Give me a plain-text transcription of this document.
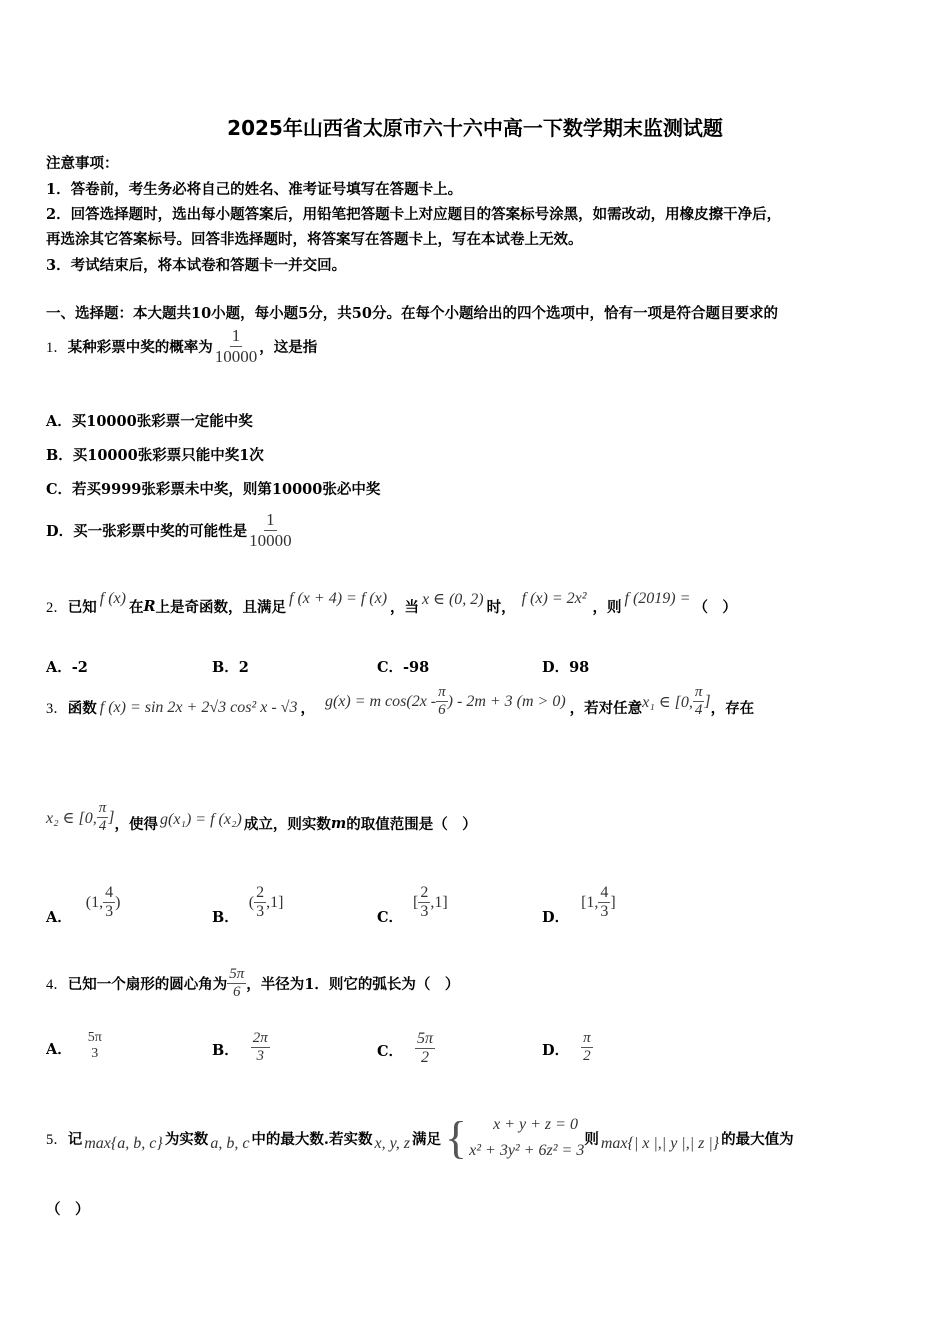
2025年山西省太原市六十六中高一下数学期末监测试题
注意事项：
1．答卷前，考生务必将自己的姓名、准考证号填写在答题卡上。
2．回答选择题时，选出每小题答案后，用铅笔把答题卡上对应题目的答案标号涂黑，如需改动，用橡皮擦干净后，
再选涂其它答案标号。回答非选择题时，将答案写在答题卡上，写在本试卷上无效。
3．考试结束后，将本试卷和答题卡一并交回。
一、选择题：本大题共10小题，每小题5分，共50分。在每个小题给出的四个选项中，恰有一项是符合题目要求的
1． 某种彩票中奖的概率为 $\frac{1}{10000}$ ，这是指
A．买10000张彩票一定能中奖
B．买10000张彩票只能中奖1次
C．若买9999张彩票未中奖，则第10000张必中奖
D．买一张彩票中奖的可能性是 $\frac{1}{10000}$
2． 已知
f (x)
在 R 上是奇函数，且满足
f (x + 4) = f (x)
，当 x ∈ (0, 2) 时，
f (x) = 2x²
，则
f (2019) =
（　）
A．-2	B．2	C．-98	D．98
3． 函数 f (x) = sin 2x + 2√3 cos² x - √3 ， g(x) = m $\cos(2x - \frac{\pi}{6}$ ) - 2m + 3 (m > 0) ，若对任意 x₁ ∈ [0, $\frac{\pi}{4}$ ] ，存在
x₂ ∈ [0, $\frac{\pi}{4}$ ] ，使得 g(x₁) = f (x₂) 成立，则实数 m 的取值范围是（　）
A．
(1, $\frac{4}{3}$ )
B．
( $\frac{2}{3} ,1$]
C．
[ $\frac{2}{3} ,1$]
D．
[1, $\frac{4}{3}$ ]
4． 已知一个扇形的圆心角为 $\frac{5\pi}{6}$ ，半径为1．则它的弧长为（　）
A．
5π
3	B． $\frac{2\pi}{3}$	C． $\frac{5\pi}{2}$	D． $\frac{\pi}{2}$
5． 记 max{a, b, c} 为实数 a, b, c 中的最大数.若实数 x, y, z 满足 { x + y + z = 0
x² + 3y² + 6z² = 3
则 max{| x |,| y |,| z |} 的最大值为
（　）
